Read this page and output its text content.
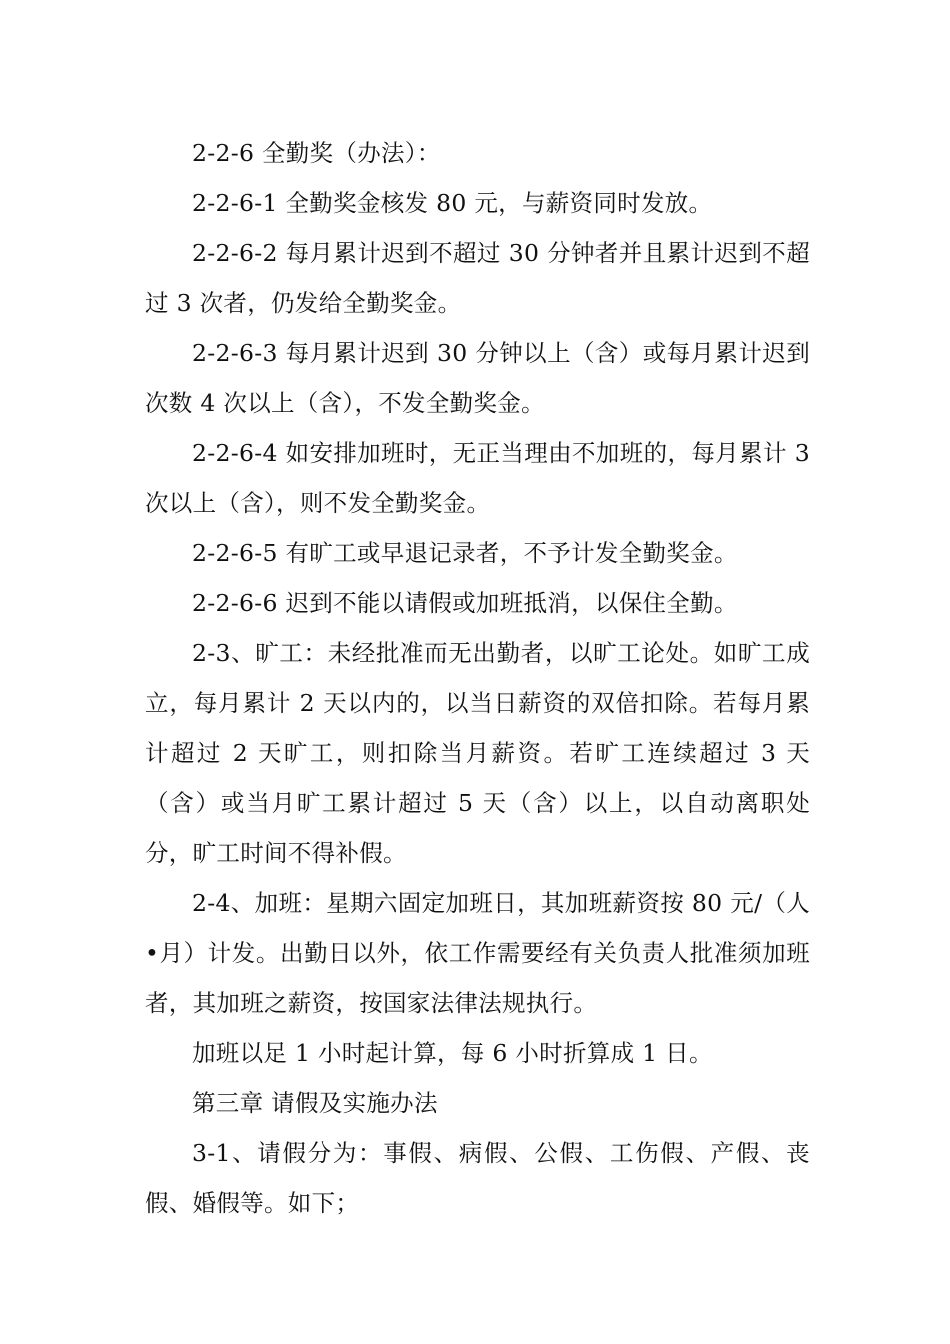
2-2-6 全勤奖（办法）：

2-2-6-1 全勤奖金核发 80 元，与薪资同时发放。

2-2-6-2 每月累计迟到不超过 30 分钟者并且累计迟到不超过 3 次者，仍发给全勤奖金。

2-2-6-3 每月累计迟到 30 分钟以上（含）或每月累计迟到次数 4 次以上（含），不发全勤奖金。

2-2-6-4 如安排加班时，无正当理由不加班的，每月累计 3 次以上（含），则不发全勤奖金。

2-2-6-5 有旷工或早退记录者，不予计发全勤奖金。

2-2-6-6 迟到不能以请假或加班抵消，以保住全勤。

2-3、旷工：未经批准而无出勤者，以旷工论处。如旷工成立，每月累计 2 天以内的，以当日薪资的双倍扣除。若每月累计超过 2 天旷工，则扣除当月薪资。若旷工连续超过 3 天（含）或当月旷工累计超过 5 天（含）以上，以自动离职处分，旷工时间不得补假。

2-4、加班：星期六固定加班日，其加班薪资按 80 元/（人•月）计发。出勤日以外，依工作需要经有关负责人批准须加班者，其加班之薪资，按国家法律法规执行。

加班以足 1 小时起计算，每 6 小时折算成 1 日。

第三章 请假及实施办法

3-1、请假分为：事假、病假、公假、工伤假、产假、丧假、婚假等。如下；
